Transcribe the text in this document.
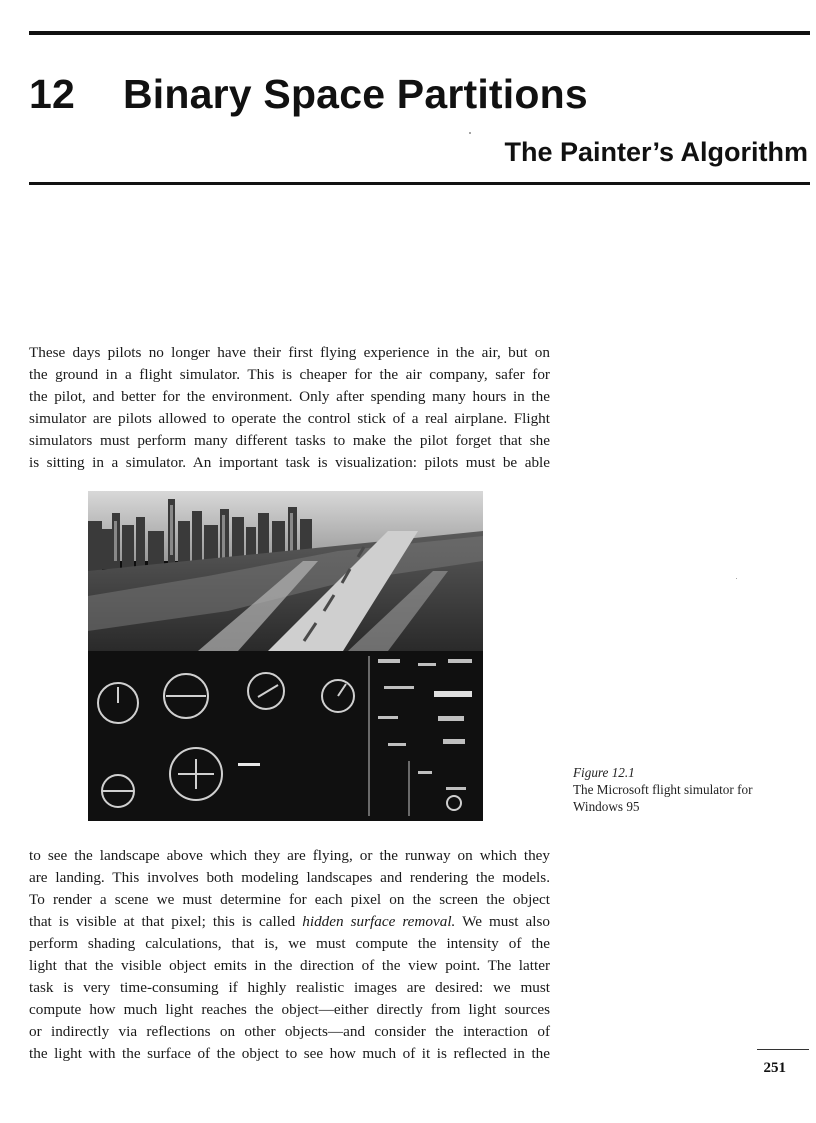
12 Binary Space Partitions
The Painter’s Algorithm
These days pilots no longer have their first flying experience in the air, but on
the ground in a flight simulator. This is cheaper for the air company, safer for
the pilot, and better for the environment. Only after spending many hours in the
simulator are pilots allowed to operate the control stick of a real airplane. Flight
simulators must perform many different tasks to make the pilot forget that she
is sitting in a simulator. An important task is visualization: pilots must be able
Figure 12.1
The Microsoft flight simulator for Windows 95
to see the landscape above which they are flying, or the runway on which they
are landing. This involves both modeling landscapes and rendering the models.
To render a scene we must determine for each pixel on the screen the object
that is visible at that pixel; this is called hidden surface removal. We must also
perform shading calculations, that is, we must compute the intensity of the
light that the visible object emits in the direction of the view point. The latter
task is very time-consuming if highly realistic images are desired: we must
compute how much light reaches the object—either directly from light sources
or indirectly via reflections on other objects—and consider the interaction of
the light with the surface of the object to see how much of it is reflected in the
251
